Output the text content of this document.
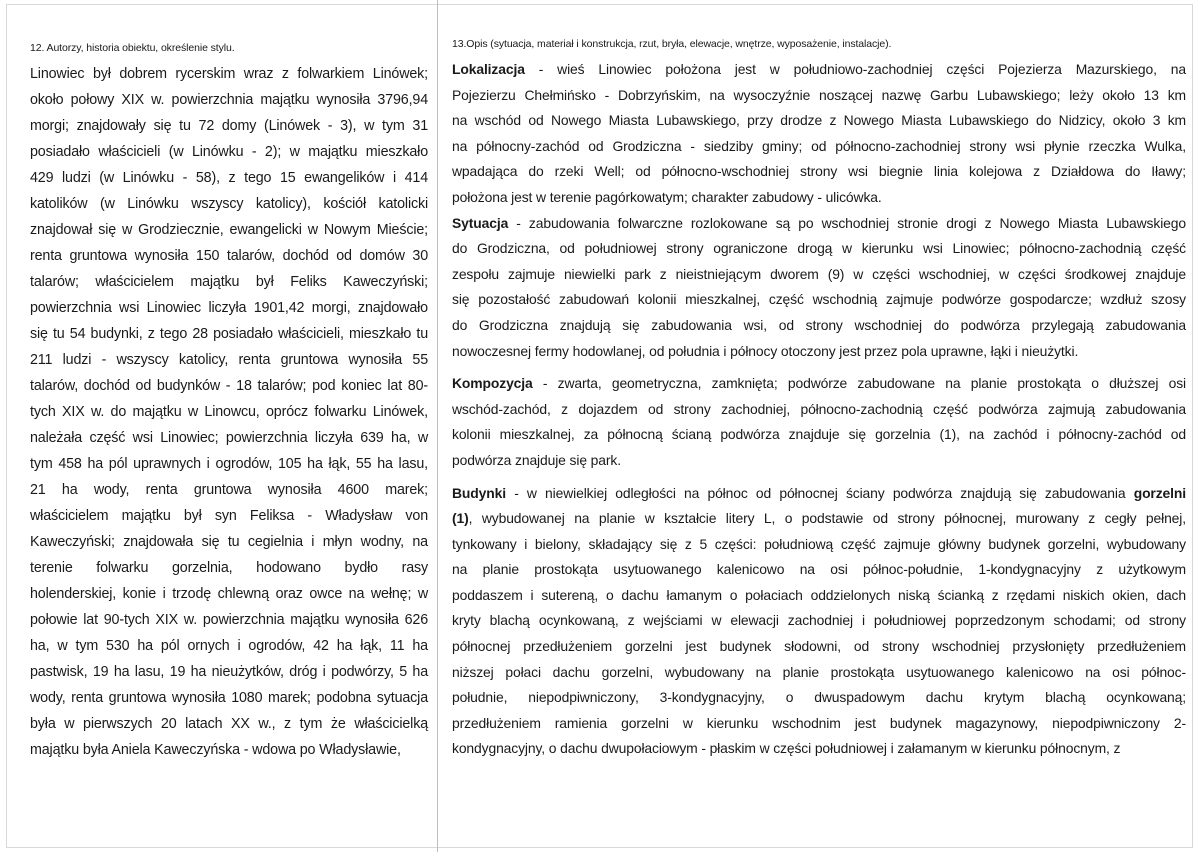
12. Autorzy, historia obiektu, określenie stylu.

Linowiec był dobrem rycerskim wraz z folwarkiem Linówek;

około połowy XIX w. powierzchnia majątku wynosiła 3796,94

morgi; znajdowały się tu 72 domy (Linówek - 3), w tym 31

posiadało właścicieli (w Linówku - 2); w majątku mieszkało

429 ludzi (w Linówku - 58), z tego 15 ewangelików i 414

katolików (w Linówku wszyscy katolicy), kościół katolicki

znajdował się w Grodziecznie, ewangelicki w Nowym Mieście;

renta gruntowa wynosiła 150 talarów, dochód od domów 30

talarów; właścicielem majątku był Feliks Kaweczyński;

powierzchnia wsi Linowiec liczyła 1901,42 morgi, znajdowało

się tu 54 budynki, z tego 28 posiadało właścicieli, mieszkało tu

211 ludzi - wszyscy katolicy, renta gruntowa wynosiła 55

talarów, dochód od budynków - 18 talarów; pod koniec lat 80-

tych XIX w. do majątku w Linowcu, oprócz folwarku Linówek,

należała część wsi Linowiec; powierzchnia liczyła 639 ha, w

tym 458 ha pól uprawnych i ogrodów, 105 ha łąk, 55 ha lasu,

21 ha wody, renta gruntowa wynosiła 4600 marek;

właścicielem majątku był syn Feliksa - Władysław von

Kaweczyński; znajdowała się tu cegielnia i młyn wodny, na

terenie folwarku gorzelnia, hodowano bydło rasy

holenderskiej, konie i trzodę chlewną oraz owce na wełnę; w

połowie lat 90-tych XIX w. powierzchnia majątku wynosiła 626

ha, w tym 530 ha pól ornych i ogrodów, 42 ha łąk, 11 ha

pastwisk, 19 ha lasu, 19 ha nieużytków, dróg i podwórzy, 5 ha

wody, renta gruntowa wynosiła 1080 marek; podobna sytuacja

była w pierwszych 20 latach XX w., z tym że właścicielką

majątku była Aniela Kaweczyńska - wdowa po Władysławie,

13.Opis (sytuacja, materiał i konstrukcja, rzut, bryła, elewacje, wnętrze, wyposażenie, instalacje).

Lokalizacja - wieś Linowiec położona jest w południowo-zachodniej części Pojezierza Mazurskiego, na

Pojezierzu Chełmińsko - Dobrzyńskim, na wysoczyźnie noszącej nazwę Garbu Lubawskiego; leży około 13 km

na wschód od Nowego Miasta Lubawskiego, przy drodze z Nowego Miasta Lubawskiego do Nidzicy, około 3 km

na północny-zachód od Grodziczna - siedziby gminy; od północno-zachodniej strony wsi płynie rzeczka Wulka,

wpadająca do rzeki Well; od północno-wschodniej strony wsi biegnie linia kolejowa z Działdowa do Iławy;

położona jest w terenie pagórkowatym; charakter zabudowy - ulicówka.

Sytuacja - zabudowania folwarczne rozlokowane są po wschodniej stronie drogi z Nowego Miasta Lubawskiego

do Grodziczna, od południowej strony ograniczone drogą w kierunku wsi Linowiec; północno-zachodnią część

zespołu zajmuje niewielki park z nieistniejącym dworem (9) w części wschodniej, w części środkowej znajduje

się pozostałość zabudowań kolonii mieszkalnej, część wschodnią zajmuje podwórze gospodarcze; wzdłuż szosy

do Grodziczna znajdują się zabudowania wsi, od strony wschodniej do podwórza przylegają zabudowania

nowoczesnej fermy hodowlanej, od południa i północy otoczony jest przez pola uprawne, łąki i nieużytki.

Kompozycja - zwarta, geometryczna, zamknięta; podwórze zabudowane na planie prostokąta o dłuższej osi

wschód-zachód, z dojazdem od strony zachodniej, północno-zachodnią część podwórza zajmują zabudowania

kolonii mieszkalnej, za północną ścianą podwórza znajduje się gorzelnia (1), na zachód i północny-zachód od

podwórza znajduje się park.

Budynki - w niewielkiej odległości na północ od północnej ściany podwórza znajdują się zabudowania gorzelni

(1), wybudowanej na planie w kształcie litery L, o podstawie od strony północnej, murowany z cegły pełnej,

tynkowany i bielony, składający się z 5 części: południową część zajmuje główny budynek gorzelni, wybudowany

na planie prostokąta usytuowanego kalenicowo na osi północ-południe, 1-kondygnacyjny z użytkowym

poddaszem i sutereną, o dachu łamanym o połaciach oddzielonych niską ścianką z rzędami niskich okien, dach

kryty blachą ocynkowaną, z wejściami w elewacji zachodniej i południowej poprzedzonym schodami; od strony

północnej przedłużeniem gorzelni jest budynek słodowni, od strony wschodniej przysłonięty przedłużeniem

niższej połaci dachu gorzelni, wybudowany na planie prostokąta usytuowanego kalenicowo na osi północ-

południe, niepodpiwniczony, 3-kondygnacyjny, o dwuspadowym dachu krytym blachą ocynkowaną;

przedłużeniem ramienia gorzelni w kierunku wschodnim jest budynek magazynowy, niepodpiwniczony 2-

kondygnacyjny, o dachu dwupołaciowym - płaskim w części południowej i załamanym w kierunku północnym, z
